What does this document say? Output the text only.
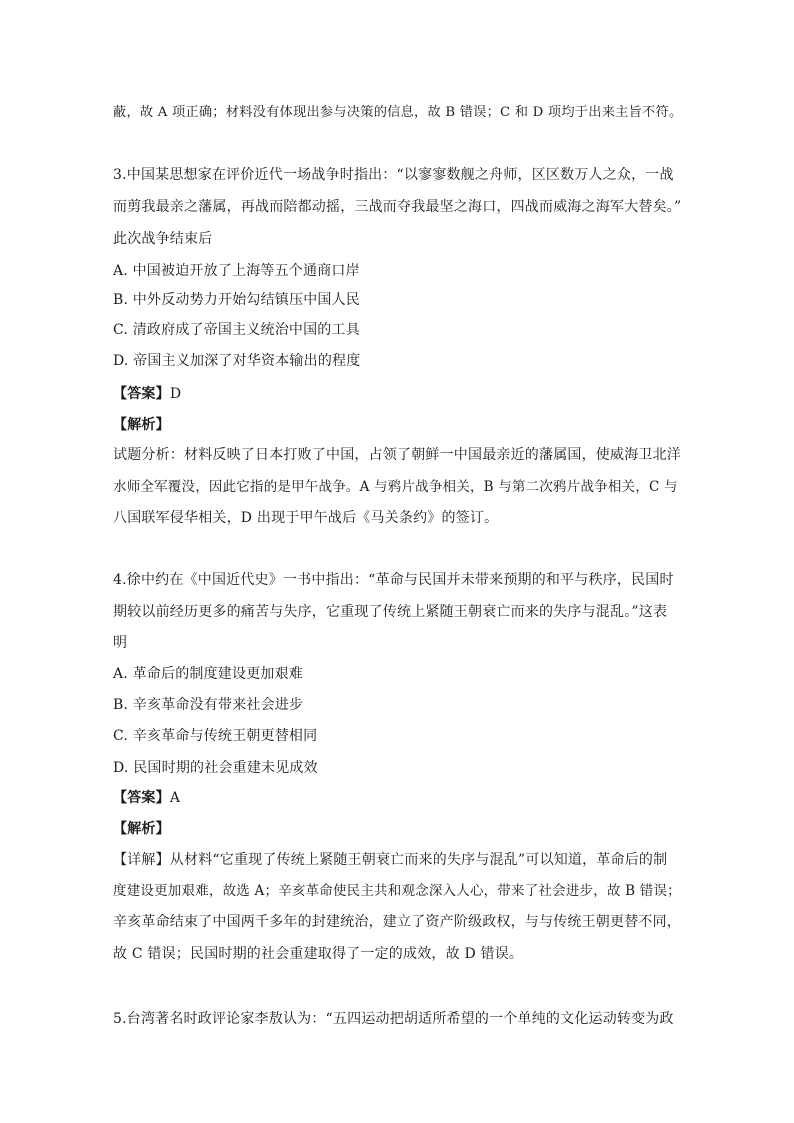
蔽，故 A 项正确；材料没有体现出参与决策的信息，故 B 错误；C 和 D 项均于出来主旨不符。
3.中国某思想家在评价近代一场战争时指出：“以寥寥数舰之舟师，区区数万人之众，一战
而剪我最亲之藩属，再战而陪都动摇，三战而夺我最坚之海口，四战而威海之海军大替矣。”
此次战争结束后
A. 中国被迫开放了上海等五个通商口岸
B. 中外反动势力开始勾结镇压中国人民
C. 清政府成了帝国主义统治中国的工具
D. 帝国主义加深了对华资本输出的程度
【答案】D
【解析】
试题分析：材料反映了日本打败了中国，占领了朝鲜一中国最亲近的藩属国，使威海卫北洋
水师全军覆没，因此它指的是甲午战争。A 与鸦片战争相关，B 与第二次鸦片战争相关，C 与
八国联军侵华相关，D 出现于甲午战后《马关条约》的签订。
4.徐中约在《中国近代史》一书中指出：“革命与民国并未带来预期的和平与秩序，民国时
期较以前经历更多的痛苦与失序，它重现了传统上紧随王朝衰亡而来的失序与混乱。”这表
明
A. 革命后的制度建设更加艰难
B. 辛亥革命没有带来社会进步
C. 辛亥革命与传统王朝更替相同
D. 民国时期的社会重建未见成效
【答案】A
【解析】
【详解】从材料“它重现了传统上紧随王朝衰亡而来的失序与混乱”可以知道，革命后的制
度建设更加艰难，故选 A；辛亥革命使民主共和观念深入人心，带来了社会进步，故 B 错误；
辛亥革命结束了中国两千多年的封建统治，建立了资产阶级政权，与与传统王朝更替不同，
故 C 错误；民国时期的社会重建取得了一定的成效，故 D 错误。
5.台湾著名时政评论家李敖认为：“五四运动把胡适所希望的一个单纯的文化运动转变为政
